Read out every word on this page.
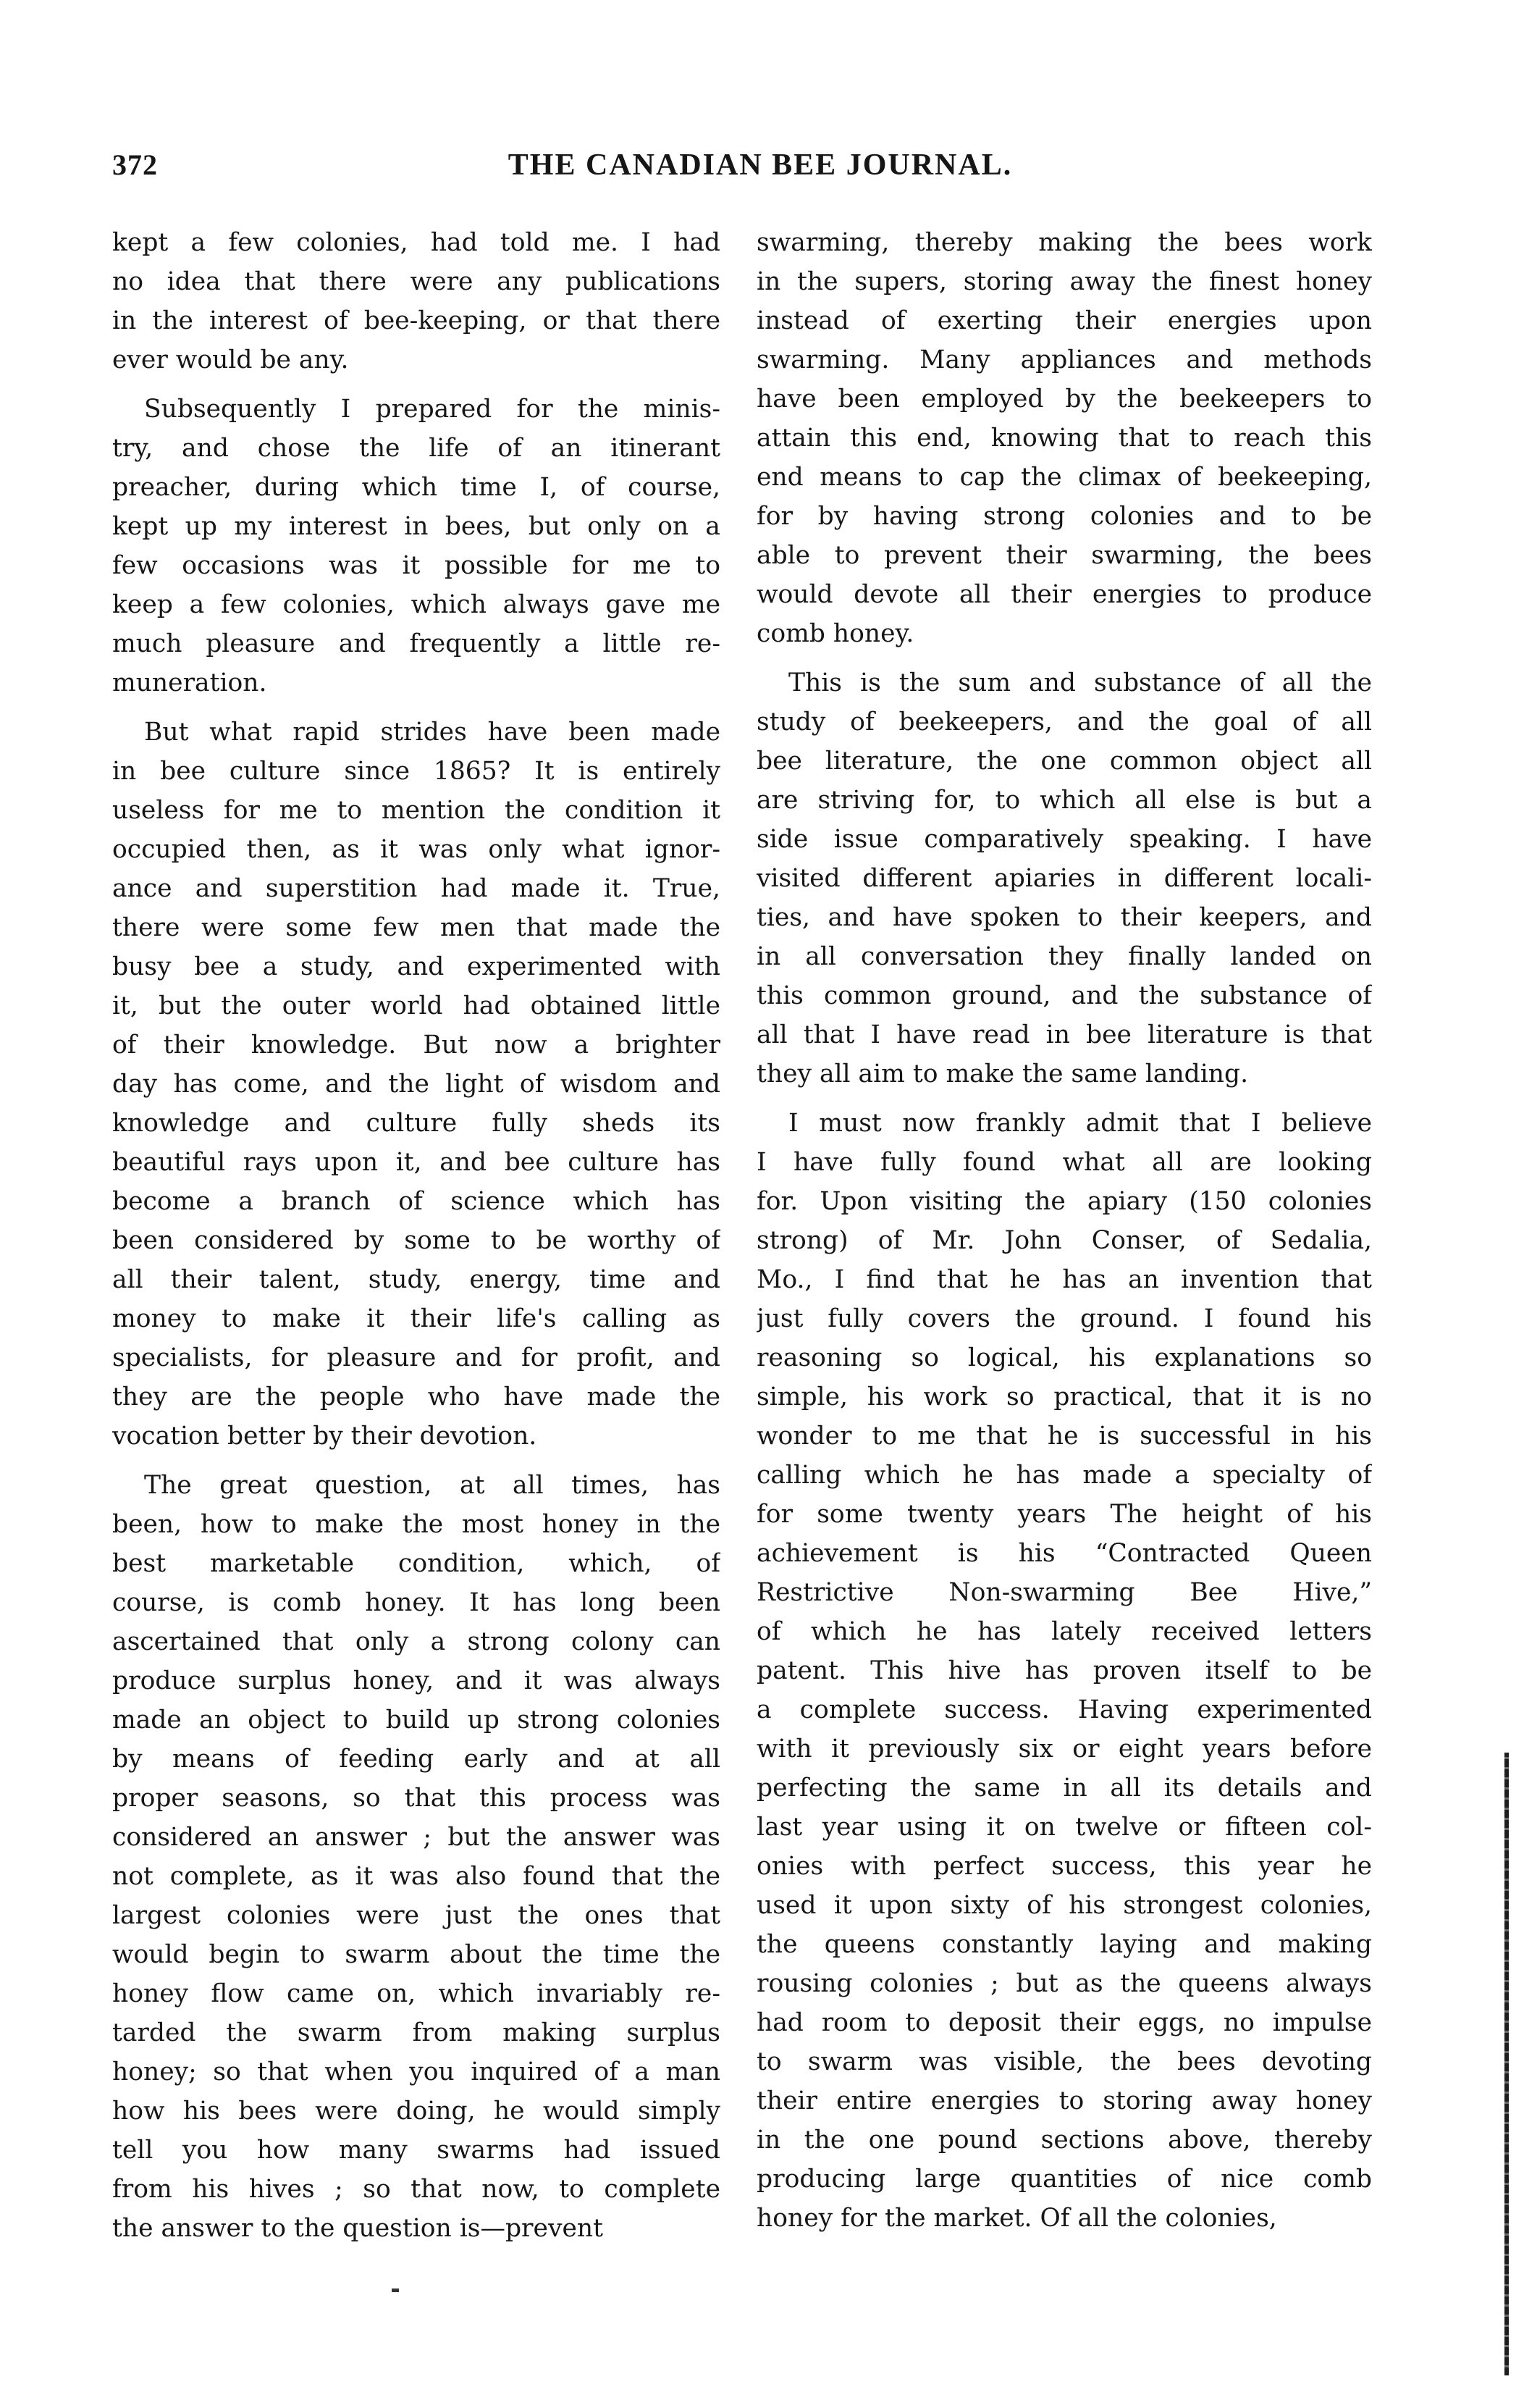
372	THE CANADIAN BEE JOURNAL.
kept a few colonies, had told me. I had
no idea that there were any publications
in the interest of bee-keeping, or that there
ever would be any.
Subsequently I prepared for the minis-
try, and chose the life of an itinerant
preacher, during which time I, of course,
kept up my interest in bees, but only on a
few occasions was it possible for me to
keep a few colonies, which always gave me
much pleasure and frequently a little re-
muneration.
But what rapid strides have been made
in bee culture since 1865? It is entirely
useless for me to mention the condition it
occupied then, as it was only what ignor-
ance and superstition had made it. True,
there were some few men that made the
busy bee a study, and experimented with
it, but the outer world had obtained little
of their knowledge. But now a brighter
day has come, and the light of wisdom and
knowledge and culture fully sheds its
beautiful rays upon it, and bee culture has
become a branch of science which has
been considered by some to be worthy of
all their talent, study, energy, time and
money to make it their life's calling as
specialists, for pleasure and for profit, and
they are the people who have made the
vocation better by their devotion.
The great question, at all times, has
been, how to make the most honey in the
best marketable condition, which, of
course, is comb honey. It has long been
ascertained that only a strong colony can
produce surplus honey, and it was always
made an object to build up strong colonies
by means of feeding early and at all
proper seasons, so that this process was
considered an answer ; but the answer was
not complete, as it was also found that the
largest colonies were just the ones that
would begin to swarm about the time the
honey flow came on, which invariably re-
tarded the swarm from making surplus
honey; so that when you inquired of a man
how his bees were doing, he would simply
tell you how many swarms had issued
from his hives ; so that now, to complete
the answer to the question is—prevent
swarming, thereby making the bees work
in the supers, storing away the finest honey
instead of exerting their energies upon
swarming. Many appliances and methods
have been employed by the beekeepers to
attain this end, knowing that to reach this
end means to cap the climax of beekeeping,
for by having strong colonies and to be
able to prevent their swarming, the bees
would devote all their energies to produce
comb honey.
This is the sum and substance of all the
study of beekeepers, and the goal of all
bee literature, the one common object all
are striving for, to which all else is but a
side issue comparatively speaking. I have
visited different apiaries in different locali-
ties, and have spoken to their keepers, and
in all conversation they finally landed on
this common ground, and the substance of
all that I have read in bee literature is that
they all aim to make the same landing.
I must now frankly admit that I believe
I have fully found what all are looking
for. Upon visiting the apiary (150 colonies
strong) of Mr. John Conser, of Sedalia,
Mo., I find that he has an invention that
just fully covers the ground. I found his
reasoning so logical, his explanations so
simple, his work so practical, that it is no
wonder to me that he is successful in his
calling which he has made a specialty of
for some twenty years The height of his
achievement is his “Contracted Queen
Restrictive Non-swarming Bee Hive,”
of which he has lately received letters
patent. This hive has proven itself to be
a complete success. Having experimented
with it previously six or eight years before
perfecting the same in all its details and
last year using it on twelve or fifteen col-
onies with perfect success, this year he
used it upon sixty of his strongest colonies,
the queens constantly laying and making
rousing colonies ; but as the queens always
had room to deposit their eggs, no impulse
to swarm was visible, the bees devoting
their entire energies to storing away honey
in the one pound sections above, thereby
producing large quantities of nice comb
honey for the market. Of all the colonies,
